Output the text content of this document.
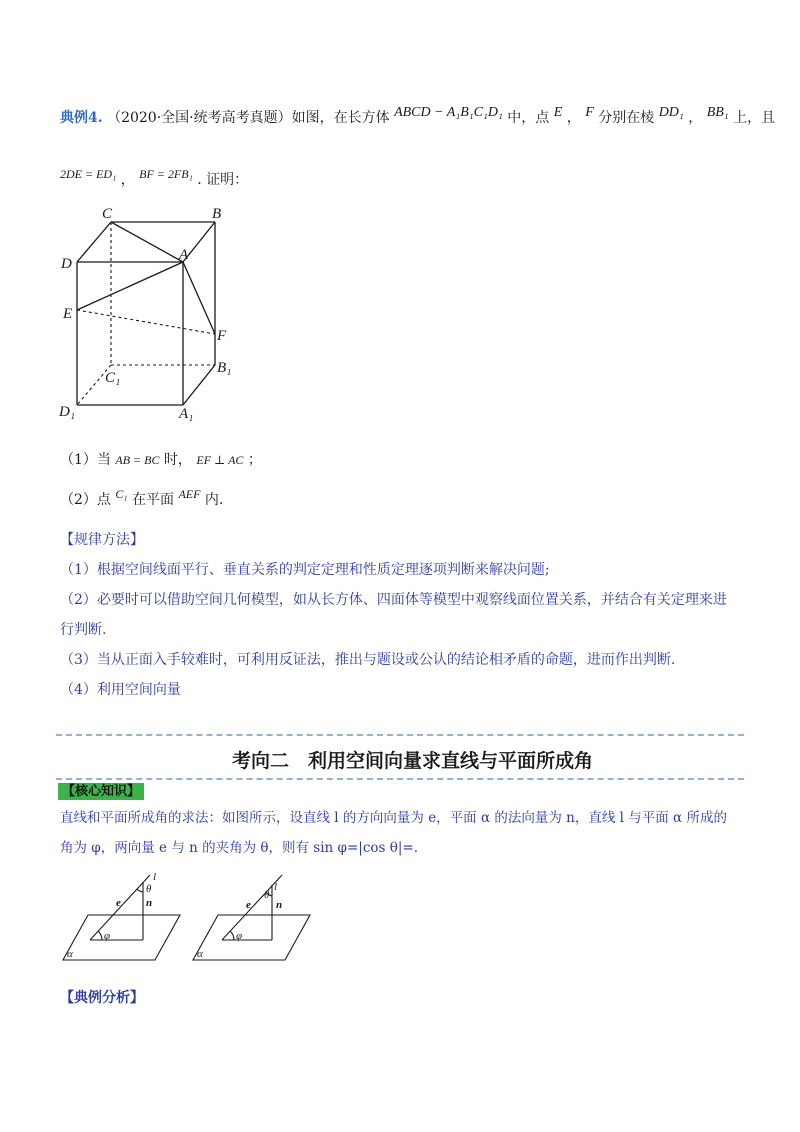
典例4. （2020·全国·统考高考真题）如图，在长方体 ABCD − A₁B₁C₁D₁ 中，点 E ， F 分别在棱 DD₁ ， BB₁ 上，且
2DE = ED₁ ， BF = 2FB₁ . 证明：
C	B
D
A
E
F
C₁
B₁
D₁	A₁
（1）当 AB = BC 时， EF ⊥ AC ；
（2）点 C₁ 在平面 AEF 内.
【规律方法】
（1）根据空间线面平行、垂直关系的判定定理和性质定理逐项判断来解决问题;
（2）必要时可以借助空间几何模型，如从长方体、四面体等模型中观察线面位置关系，并结合有关定理来进
行判断.
（3）当从正面入手较难时，可利用反证法，推出与题设或公认的结论相矛盾的命题，进而作出判断.
（4）利用空间向量
考向二　利用空间向量求直线与平面所成角
【核心知识】
直线和平面所成角的求法：如图所示，设直线 l 的方向向量为 e，平面 α 的法向量为 n，直线 l 与平面 α 所成的
角为 φ，两向量 e 与 n 的夹角为 θ，则有 sin φ=|cos θ|=.
l
θ
e n
φ
α
l
θ
e n
φ
α
【典例分析】
